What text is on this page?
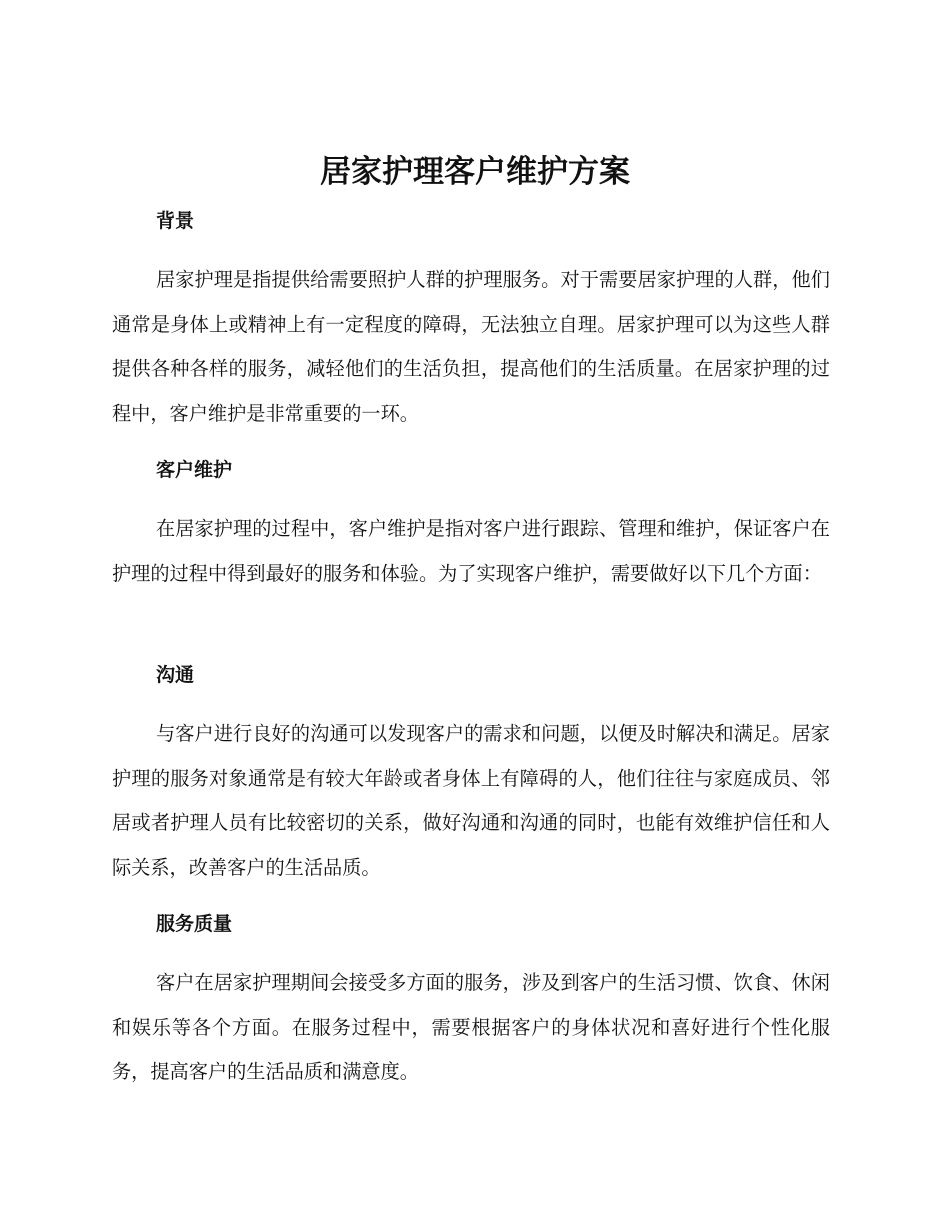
居家护理客户维护方案
背景

居家护理是指提供给需要照护人群的护理服务。对于需要居家护理的人群，他们通常是身体上或精神上有一定程度的障碍，无法独立自理。居家护理可以为这些人群提供各种各样的服务，减轻他们的生活负担，提高他们的生活质量。在居家护理的过程中，客户维护是非常重要的一环。

客户维护

在居家护理的过程中，客户维护是指对客户进行跟踪、管理和维护，保证客户在护理的过程中得到最好的服务和体验。为了实现客户维护，需要做好以下几个方面：

沟通

与客户进行良好的沟通可以发现客户的需求和问题，以便及时解决和满足。居家护理的服务对象通常是有较大年龄或者身体上有障碍的人，他们往往与家庭成员、邻居或者护理人员有比较密切的关系，做好沟通和沟通的同时，也能有效维护信任和人际关系，改善客户的生活品质。

服务质量

客户在居家护理期间会接受多方面的服务，涉及到客户的生活习惯、饮食、休闲和娱乐等各个方面。在服务过程中，需要根据客户的身体状况和喜好进行个性化服务，提高客户的生活品质和满意度。
